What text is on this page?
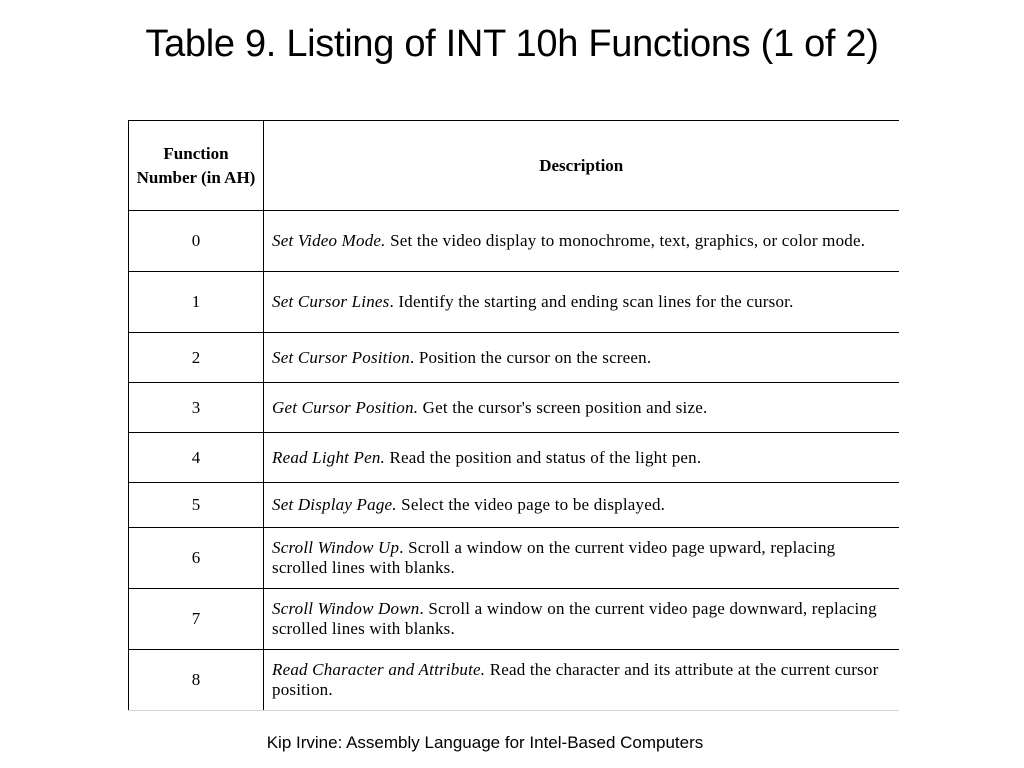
Table 9. Listing of INT 10h Functions (1 of 2)
Function Number (in AH)	Description
0	Set Video Mode. Set the video display to monochrome, text, graphics, or color mode.
1	Set Cursor Lines. Identify the starting and ending scan lines for the cursor.
2	Set Cursor Position. Position the cursor on the screen.
3	Get Cursor Position. Get the cursor's screen position and size.
4	Read Light Pen. Read the position and status of the light pen.
5	Set Display Page. Select the video page to be displayed.
6	Scroll Window Up. Scroll a window on the current video page upward, replacing scrolled lines with blanks.
7	Scroll Window Down. Scroll a window on the current video page downward, replacing scrolled lines with blanks.
8	Read Character and Attribute. Read the character and its attribute at the current cursor position.
Kip Irvine: Assembly Language for Intel-Based Computers
